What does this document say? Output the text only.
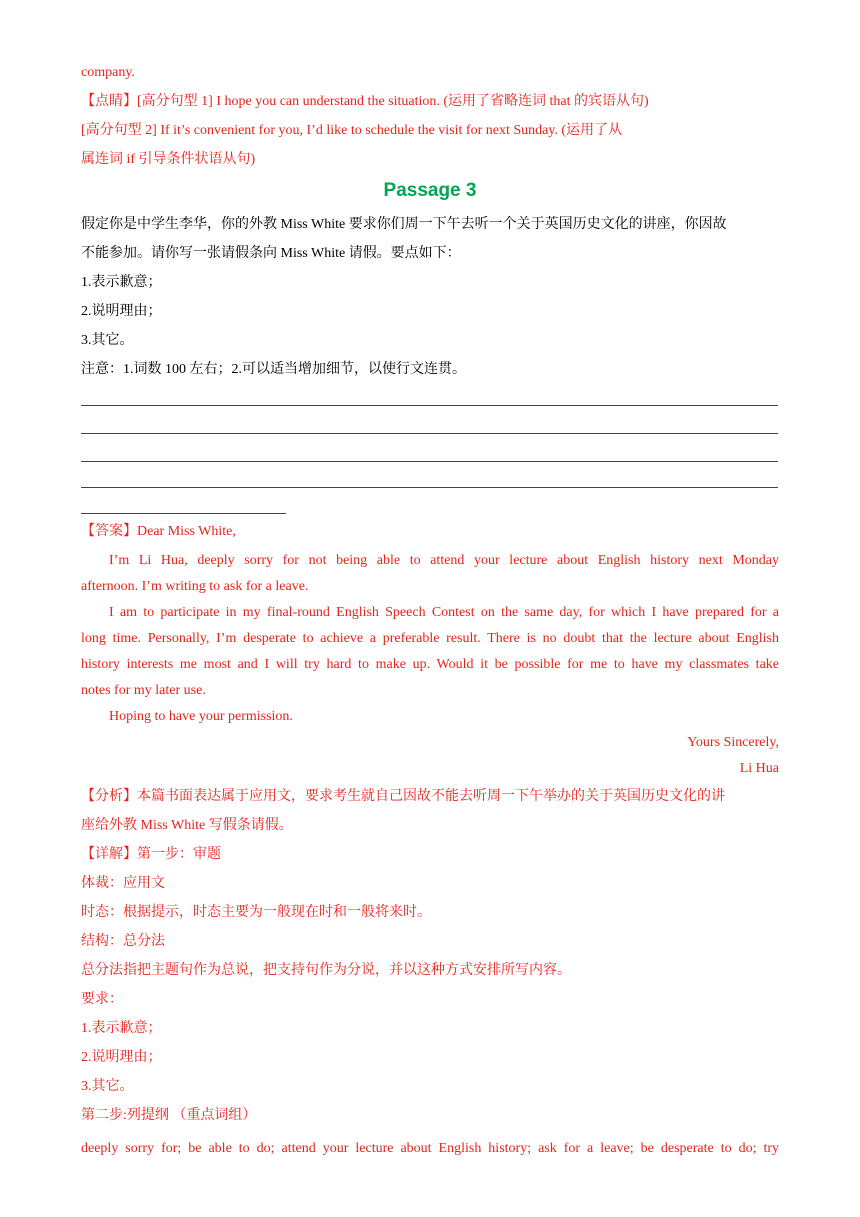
company.
【点睛】[高分句型 1] I hope you can understand the situation. (运用了省略连词 that 的宾语从句)
[高分句型 2] If it’s convenient for you, I’d like to schedule the visit for next Sunday. (运用了从
属连词 if 引导条件状语从句)
Passage 3
假定你是中学生李华，你的外教 Miss White 要求你们周一下午去听一个关于英国历史文化的讲座，你因故
不能参加。请你写一张请假条向 Miss White 请假。要点如下：
1.表示歉意；
2.说明理由；
3.其它。
注意：1.词数 100 左右；2.可以适当增加细节，以使行文连贯。
【答案】Dear Miss White,
I’m Li Hua, deeply sorry for not being able to attend your lecture about English history next Monday
afternoon. I’m writing to ask for a leave.
I am to participate in my final-round English Speech Contest on the same day, for which I have prepared for a
long time. Personally, I’m desperate to achieve a preferable result. There is no doubt that the lecture about English
history interests me most and I will try hard to make up. Would it be possible for me to have my classmates take
notes for my later use.
Hoping to have your permission.
Yours Sincerely,
Li Hua
【分析】本篇书面表达属于应用文，要求考生就自己因故不能去听周一下午举办的关于英国历史文化的讲
座给外教 Miss White 写假条请假。
【详解】第一步：审题
体裁：应用文
时态：根据提示，时态主要为一般现在时和一般将来时。
结构：总分法
总分法指把主题句作为总说，把支持句作为分说，并以这种方式安排所写内容。
要求：
1.表示歉意；
2.说明理由；
3.其它。
第二步:列提纲 （重点词组）
deeply sorry for; be able to do; attend your lecture about English history; ask for a leave; be desperate to do; try
